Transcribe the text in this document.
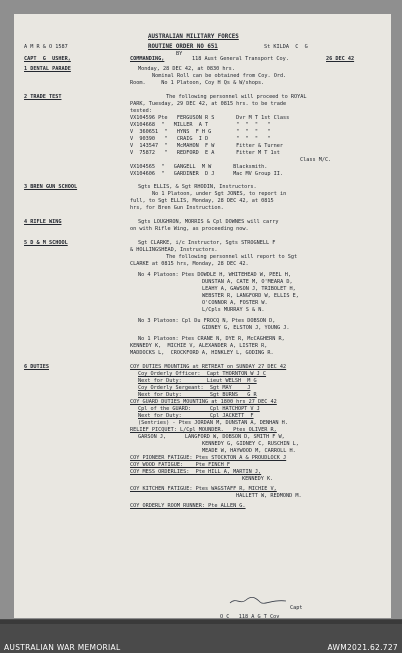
AUSTRALIAN MILITARY FORCES
A M R & O 1587	St KILDA  C  G
ROUTINE ORDER NO 651
BY
CAPT  G  USHER,	COMMANDING,	118 Aust General Transport Coy.	26 DEC 42
1 DENTAL PARADE	Monday, 28 DEC 42, at 0830 hrs.
Nominal Roll can be obtained from Coy. Ord.
Room.     No 1 Platoon, Coy H Qs & W/shops.
2 TRADE TEST	The following personnel will proceed to ROYAL
PARK, Tuesday, 29 DEC 42, at 0815 hrs. to be trade
tested:
VX104596 Pte   FERGUSON R S       Dvr M T 1st Class
VX104668  "   MILLER  A T         "  "  "   "
V  360651  "   HYNS  F H G        "  "  "   "
V  90390   "   CRAIG  I D         "  "  "   "
V  143547  "   McMAHON  F W       Fitter & Turner
V  75872   "   REDFORD  E A       Fitter M T 1st
Class M/C.
VX104565  "   GANGELL  M W       Blacksmith.
VX104606  "   GARDINER  D J      Mac MV Group II.
3 BREN GUN SCHOOL	Sgts ELLIS, & Sgt RHODIN, Instructors.
No 1 Platoon, under Sgt JONES, to report in
full, to Sgt ELLIS, Monday, 28 DEC 42, at 0815
hrs, for Bren Gun Instruction.
4 RIFLE WING	Sgts LOUGHRON, MORRIS & Cpl DOWNES will carry
on with Rifle Wing, as proceeding now.
5 D & M SCHOOL	Sgt CLARKE, i/c Instructor, Sgts STROGNELL F
& HOLLINGSHEAD, Instructors.
The following personnel will report to Sgt
CLARKE at 0815 hrs, Monday, 28 DEC 42.
No 4 Platoon: Ptes DOWDLE H, WHITEHEAD W, PEEL H,
DUNSTAN A, CATE M, O'MEARA D,
LEAHY A, GAWSON J, TRIBOLET H,
WEBSTER R, LANGFORD W, ELLIS E,
O'CONNOR A, FOSTER W.
L/Cpls MURRAY S & N.
No 3 Platoon: Cpl Du FROCQ N, Ptes DOBSON D,
GIDNEY G, ELSTON J, YOUNG J.
No 1 Platoon: Ptes CRANE N, DYE R, McCAGHERN R,
KENNEDY K,  MICHIE V, ALEXANDER A, LISTER R,
MADDOCKS L,  CROCKFORD A, HINKLEY L, GODING R.
6 DUTIES	COY DUTIES MOUNTING at RETREAT on SUNDAY 27 DEC 42
Coy Orderly Officer:  Capt THORNTON W J C
Next for Duty:        Lieut WELSH  M G
Coy Orderly Sergeant:  Sgt MAY     J
Next for Duty:         Sgt BURNS   G R
COY GUARD DUTIES MOUNTING at 1800 hrs 27 DEC 42
Cpl of the GUARD:      Cpl HATCHOPT V J
Next for Duty:         Cpl JACKETT  F
(Sentries) - Ptes JORDAN M, DUNSTAN A, DENHAN H.
RELIEF PICQUET: L/Cpl MOUNDER.   Ptes OLIVER R,
GARSON J,      LANGFORD W, DOBSON D, SMITH F W,
KENNEDY G, GIDNEY C, RUSCHIN L,
MEADE W, HAYWOOD M, CARROLL H.
COY PIONEER FATIGUE: Ptes STOCKTON A & PROUDLOCK J
COY WOOD FATIGUE:    Pte FINCH F
COY MESS ORDERLIES:  Pte HILL A, MARTIN J,
KENNEDY K.
COY KITCHEN FATIGUE: Ptes WAGSTAFF R, MICHIE V,
HALLETT W, REDMOND M.
COY ORDERLY ROOM RUNNER: Pte ALLEN G.
Capt
O C   118 A G T Coy
AUSTRALIAN WAR MEMORIAL	AWM2021.62.727
